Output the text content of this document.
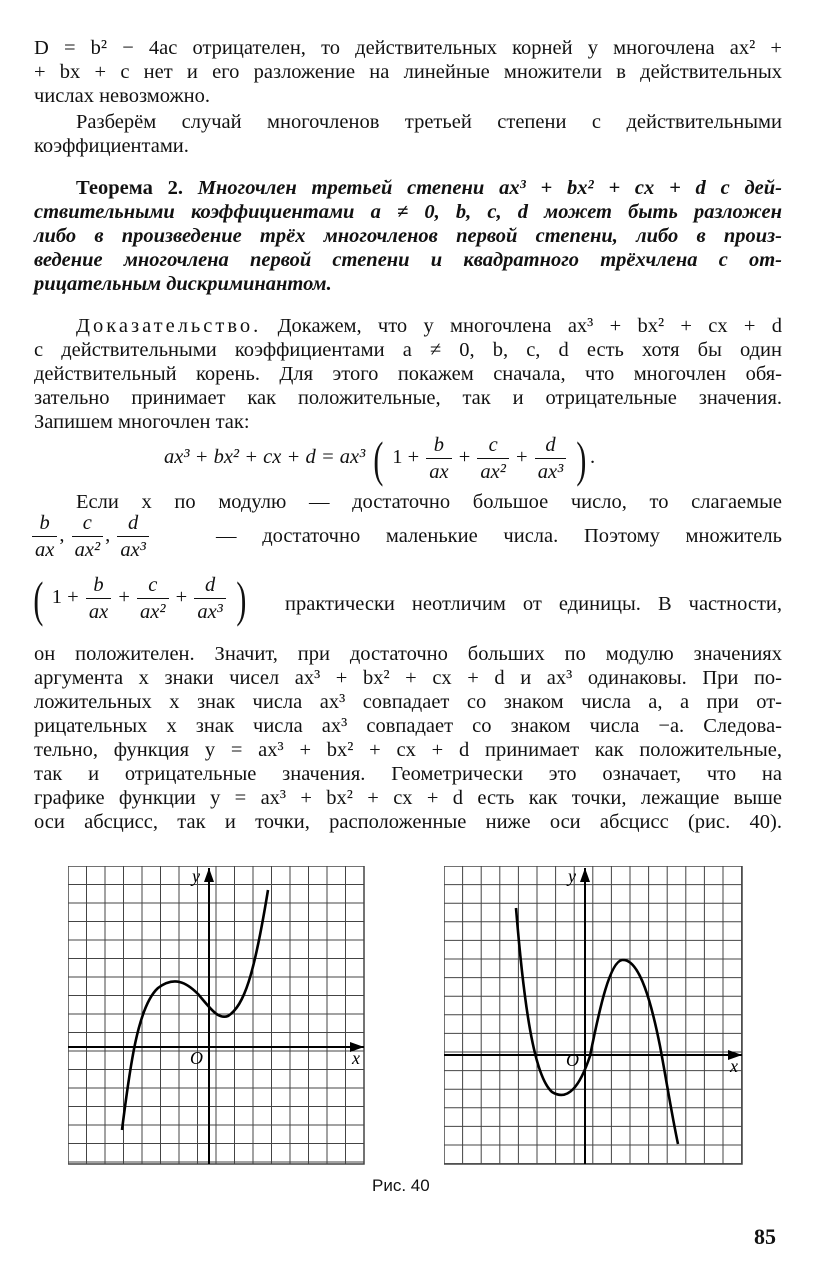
D = b² − 4ac отрицателен, то действительных корней у многочлена ax² +
+ bx + c нет и его разложение на линейные множители в действительных
числах невозможно.
Разберём случай многочленов третьей степени с действительными
коэффициентами.
Теорема 2. Многочлен третьей степени ax³ + bx² + cx + d с дей-
ствительными коэффициентами a ≠ 0, b, c, d может быть разложен
либо в произведение трёх многочленов первой степени, либо в произ-
ведение многочлена первой степени и квадратного трёхчлена с от-
рицательным дискриминантом.
Доказательство. Докажем, что у многочлена ax³ + bx² + cx + d
с действительными коэффициентами a ≠ 0, b, c, d есть хотя бы один
действительный корень. Для этого покажем сначала, что многочлен обя-
зательно принимает как положительные, так и отрицательные значения.
Запишем многочлен так:
ax³ + bx² + cx + d = ax³ ( $1 + \frac{b}{ax} + \frac{c}{\text{ax²}} + \frac{d}{\text{ax³}}$ ) .
Если x по модулю — достаточно большое число, то слагаемые
$\frac{b}{ax}$ , $\frac{c}{\text{ax²}}$ , $\frac{d}{\text{ax³}}$	— достаточно маленькие числа. Поэтому множитель
( $1 + \frac{b}{ax} + \frac{c}{\text{ax²}} + \frac{d}{\text{ax³}}$ ) практически неотличим от единицы. В частности,
он положителен. Значит, при достаточно больших по модулю значениях
аргумента x знаки чисел ax³ + bx² + cx + d и ax³ одинаковы. При по-
ложительных x знак числа ax³ совпадает со знаком числа a, а при от-
рицательных x знак числа ax³ совпадает со знаком числа −a. Следова-
тельно, функция y = ax³ + bx² + cx + d принимает как положительные,
так и отрицательные значения. Геометрически это означает, что на
графике функции y = ax³ + bx² + cx + d есть как точки, лежащие выше
оси абсцисс, так и точки, расположенные ниже оси абсцисс (рис. 40).
y
x
O
y
x
O
Рис. 40
85
